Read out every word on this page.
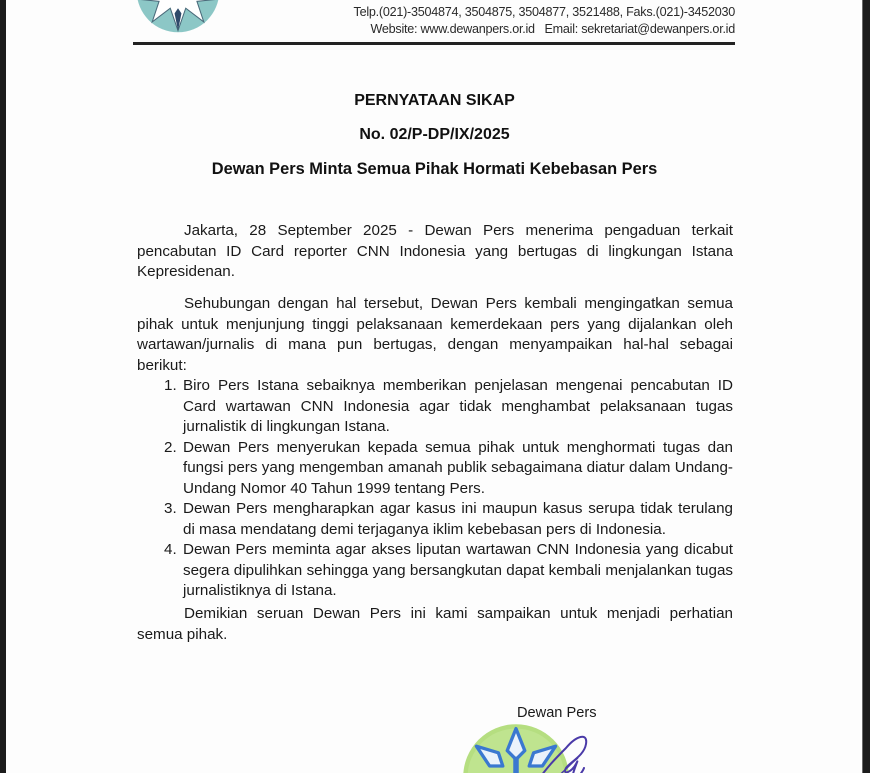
Telp.(021)-3504874, 3504875, 3504877, 3521488, Faks.(021)-3452030
Website: www.dewanpers.or.id   Email: sekretariat@dewanpers.or.id
PERNYATAAN SIKAP
No. 02/P-DP/IX/2025
Dewan Pers Minta Semua Pihak Hormati Kebebasan Pers

Jakarta, 28 September 2025 - Dewan Pers menerima pengaduan terkait pencabutan ID Card reporter CNN Indonesia yang bertugas di lingkungan Istana Kepresidenan.

Sehubungan dengan hal tersebut, Dewan Pers kembali mengingatkan semua pihak untuk menjunjung tinggi pelaksanaan kemerdekaan pers yang dijalankan oleh wartawan/jurnalis di mana pun bertugas, dengan menyampaikan hal-hal sebagai berikut:

1. Biro Pers Istana sebaiknya memberikan penjelasan mengenai pencabutan ID Card wartawan CNN Indonesia agar tidak menghambat pelaksanaan tugas jurnalistik di lingkungan Istana.
2. Dewan Pers menyerukan kepada semua pihak untuk menghormati tugas dan fungsi pers yang mengemban amanah publik sebagaimana diatur dalam Undang-Undang Nomor 40 Tahun 1999 tentang Pers.
3. Dewan Pers mengharapkan agar kasus ini maupun kasus serupa tidak terulang di masa mendatang demi terjaganya iklim kebebasan pers di Indonesia.
4. Dewan Pers meminta agar akses liputan wartawan CNN Indonesia yang dicabut segera dipulihkan sehingga yang bersangkutan dapat kembali menjalankan tugas jurnalistiknya di Istana.

Demikian seruan Dewan Pers ini kami sampaikan untuk menjadi perhatian semua pihak.

Dewan Pers
